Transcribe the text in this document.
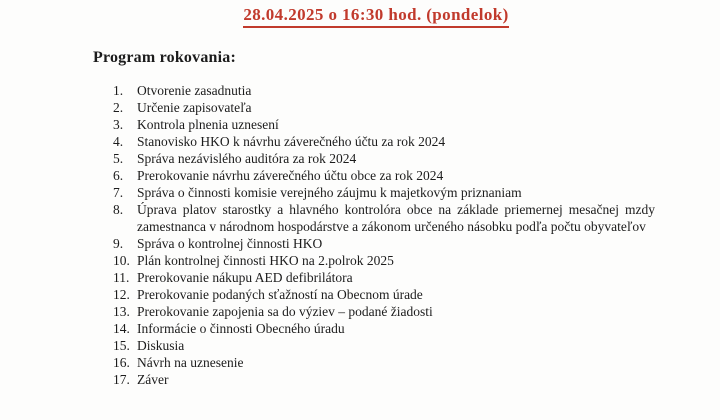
28.04.2025 o 16:30 hod. (pondelok)
Program rokovania:
1.	Otvorenie zasadnutia
2.	Určenie zapisovateľa
3.	Kontrola plnenia uznesení
4.	Stanovisko HKO k návrhu záverečného účtu za rok 2024
5.	Správa nezávislého auditóra za rok 2024
6.	Prerokovanie návrhu záverečného účtu obce za rok 2024
7.	Správa o činnosti komisie verejného záujmu k majetkovým priznaniam
8.	Úprava platov starostky a hlavného kontrolóra obce na základe priemernej mesačnej mzdy zamestnanca v národnom hospodárstve a zákonom určeného násobku podľa počtu obyvateľov
9.	Správa o kontrolnej činnosti HKO
10. Plán kontrolnej činnosti HKO na 2.polrok 2025
11. Prerokovanie nákupu AED defibrilátora
12. Prerokovanie podaných sťažností na Obecnom úrade
13. Prerokovanie zapojenia sa do výziev – podané žiadosti
14. Informácie o činnosti Obecného úradu
15. Diskusia
16. Návrh na uznesenie
17. Záver
